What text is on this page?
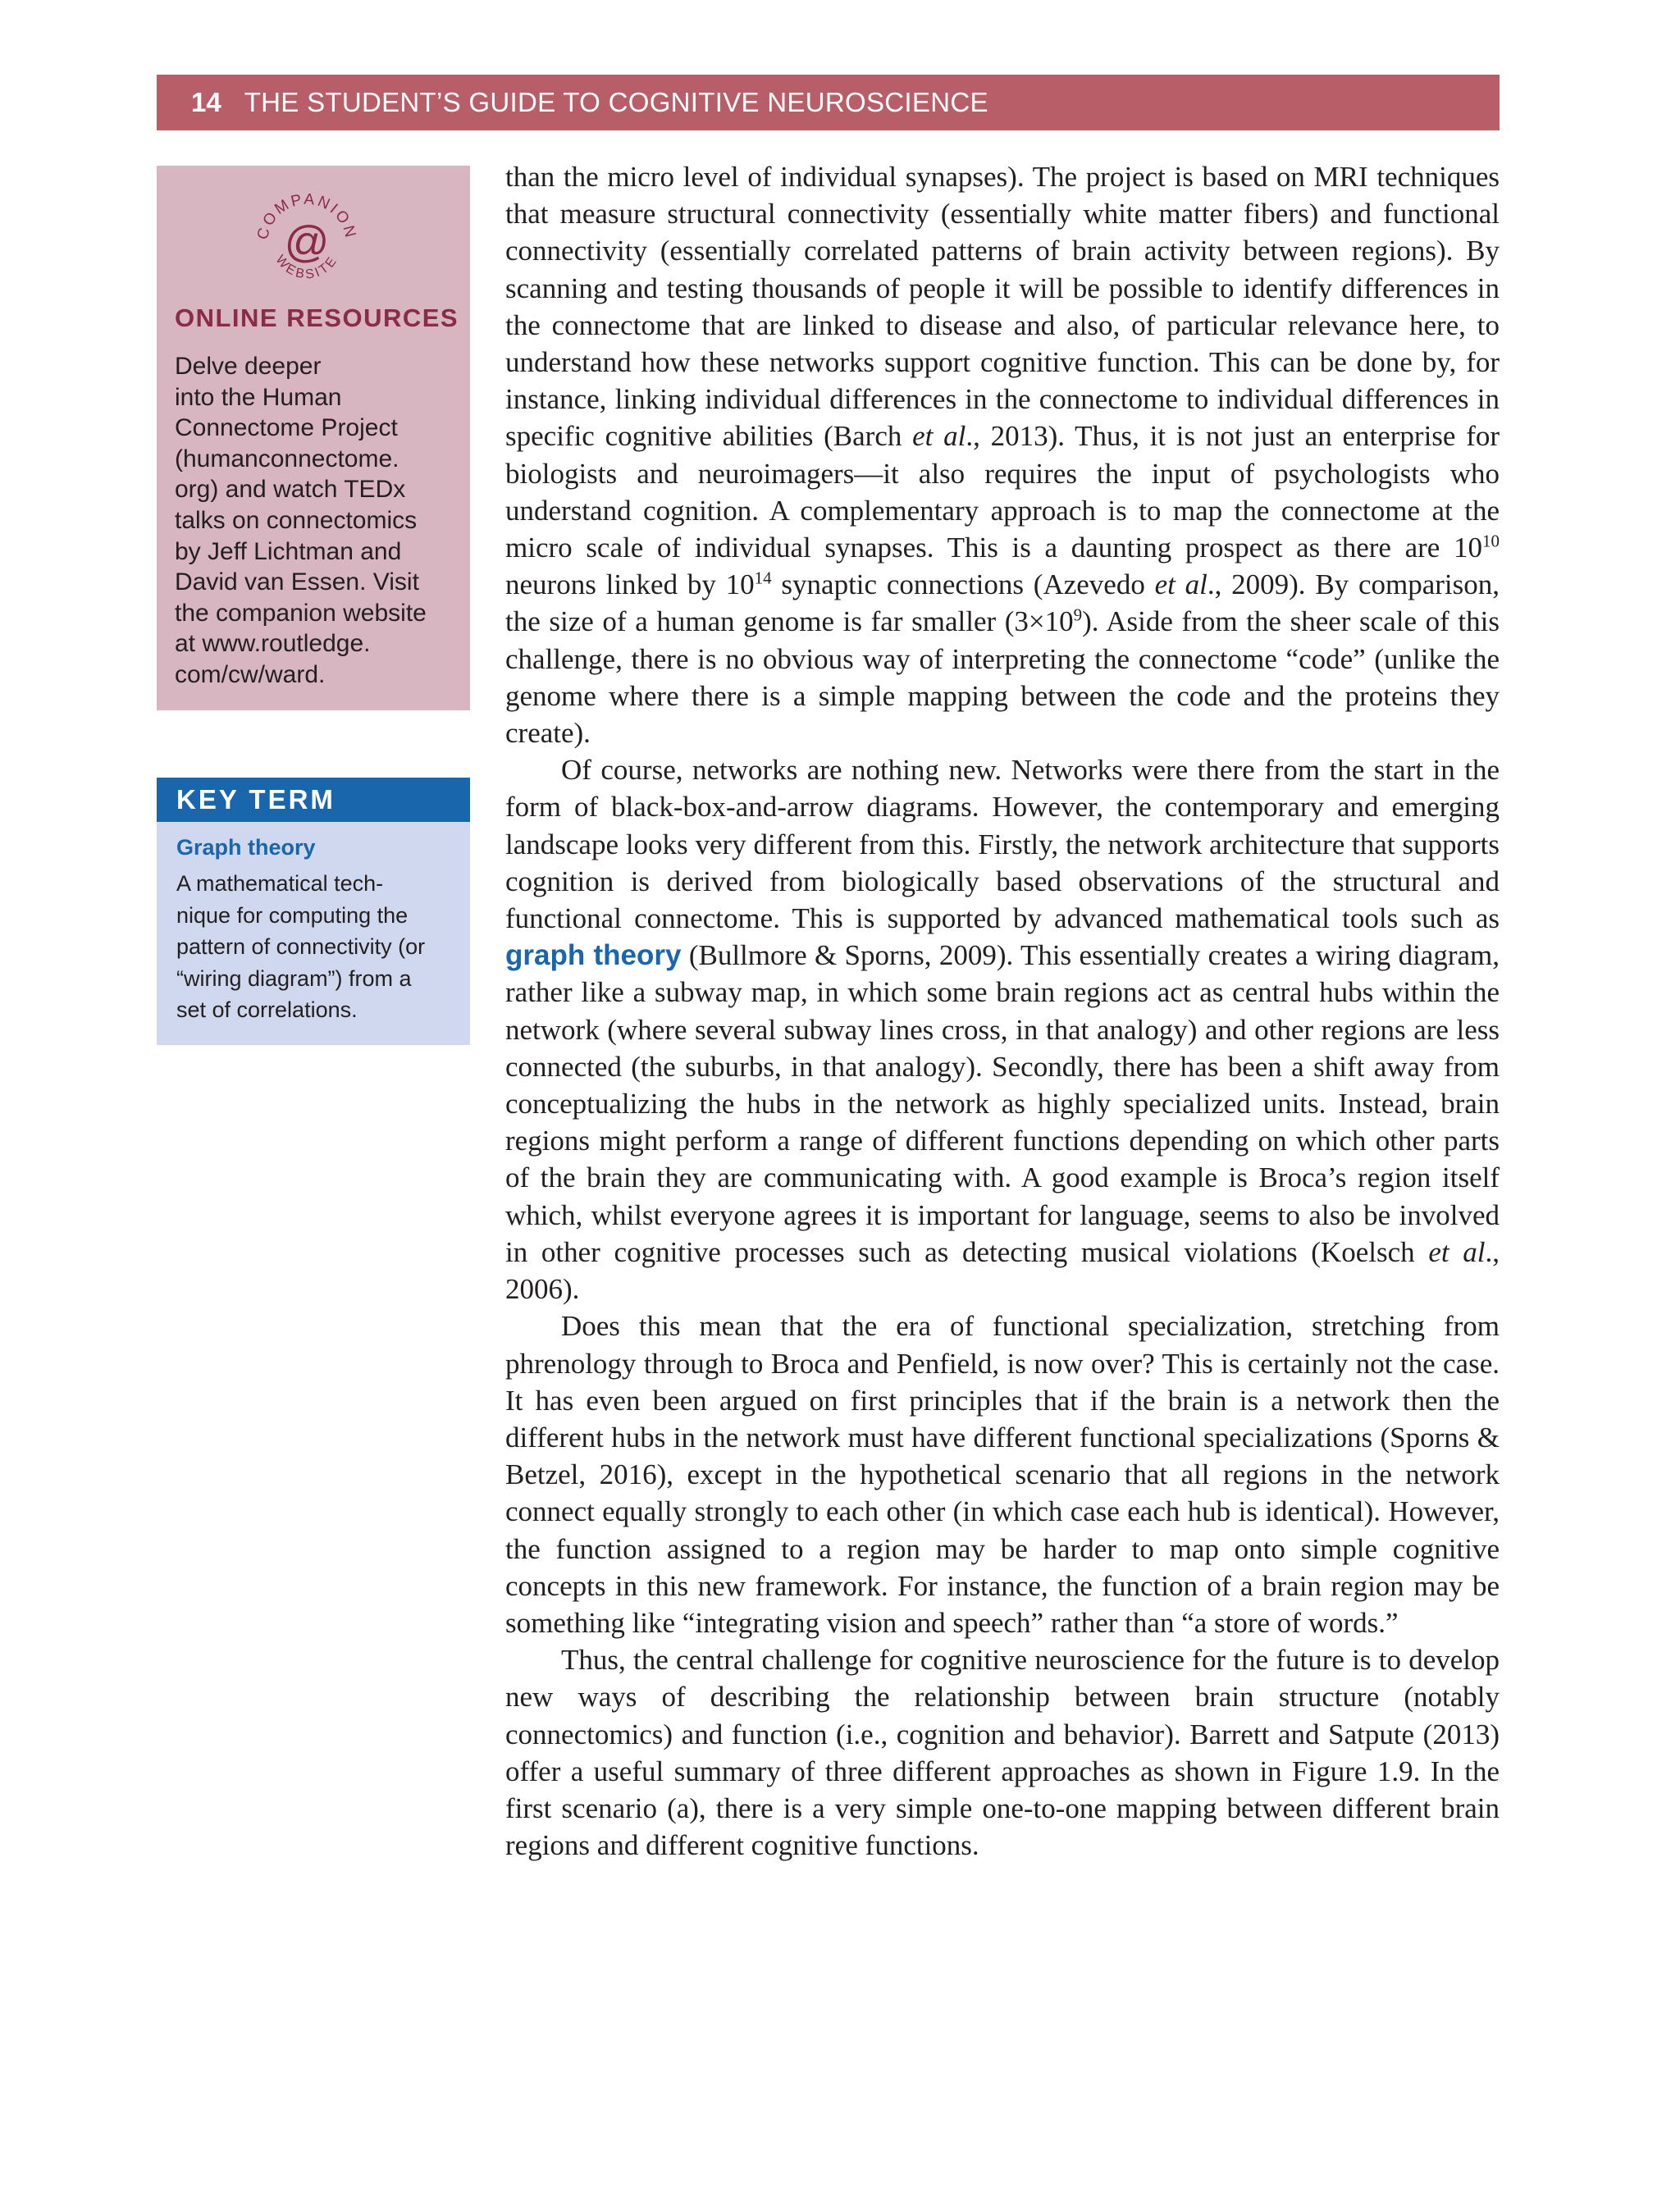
14 THE STUDENT’S GUIDE TO COGNITIVE NEUROSCIENCE
COMPANION
WEBSITE
@
ONLINE RESOURCES

Delve deeper
into the Human
Connectome Project
(humanconnectome.
org) and watch TEDx
talks on connectomics
by Jeff Lichtman and
David van Essen. Visit
the companion website
at www.routledge.
com/cw/ward.

KEY TERM

Graph theory

A mathematical tech-
nique for computing the
pattern of connectivity (or
“wiring diagram”) from a
set of correlations.

than the micro level of individual synapses). The project is based on MRI techniques that measure structural connectivity (essentially white matter fibers) and functional connectivity (essentially correlated patterns of brain activity between regions). By scanning and testing thousands of people it will be possible to identify differences in the connectome that are linked to disease and also, of particular relevance here, to understand how these networks support cognitive function. This can be done by, for instance, linking individual differences in the connectome to individual differences in specific cognitive abilities (Barch et al., 2013). Thus, it is not just an enterprise for biologists and neuroimagers—it also requires the input of psychologists who understand cognition. A complementary approach is to map the connectome at the micro scale of individual synapses. This is a daunting prospect as there are $10^{10}$ neurons linked by $10^{14}$ synaptic connections (Azevedo et al., 2009). By comparison, the size of a human genome is far smaller $(3\times 10^9)$. Aside from the sheer scale of this challenge, there is no obvious way of interpreting the connectome “code” (unlike the genome where there is a simple mapping between the code and the proteins they create).

Of course, networks are nothing new. Networks were there from the start in the form of black-box-and-arrow diagrams. However, the contemporary and emerging landscape looks very different from this. Firstly, the network architecture that supports cognition is derived from biologically based observations of the structural and functional connectome. This is supported by advanced mathematical tools such as graph theory (Bullmore & Sporns, 2009). This essentially creates a wiring diagram, rather like a subway map, in which some brain regions act as central hubs within the network (where several subway lines cross, in that analogy) and other regions are less connected (the suburbs, in that analogy). Secondly, there has been a shift away from conceptualizing the hubs in the network as highly specialized units. Instead, brain regions might perform a range of different functions depending on which other parts of the brain they are communicating with. A good example is Broca’s region itself which, whilst everyone agrees it is important for language, seems to also be involved in other cognitive processes such as detecting musical violations (Koelsch et al., 2006).

Does this mean that the era of functional specialization, stretching from phrenology through to Broca and Penfield, is now over? This is certainly not the case. It has even been argued on first principles that if the brain is a network then the different hubs in the network must have different functional specializations (Sporns & Betzel, 2016), except in the hypothetical scenario that all regions in the network connect equally strongly to each other (in which case each hub is identical). However, the function assigned to a region may be harder to map onto simple cognitive concepts in this new framework. For instance, the function of a brain region may be something like “integrating vision and speech” rather than “a store of words.”

Thus, the central challenge for cognitive neuroscience for the future is to develop new ways of describing the relationship between brain structure (notably connectomics) and function (i.e., cognition and behavior). Barrett and Satpute (2013) offer a useful summary of three different approaches as shown in Figure 1.9. In the first scenario (a), there is a very simple one-to-one mapping between different brain regions and different cognitive functions.
